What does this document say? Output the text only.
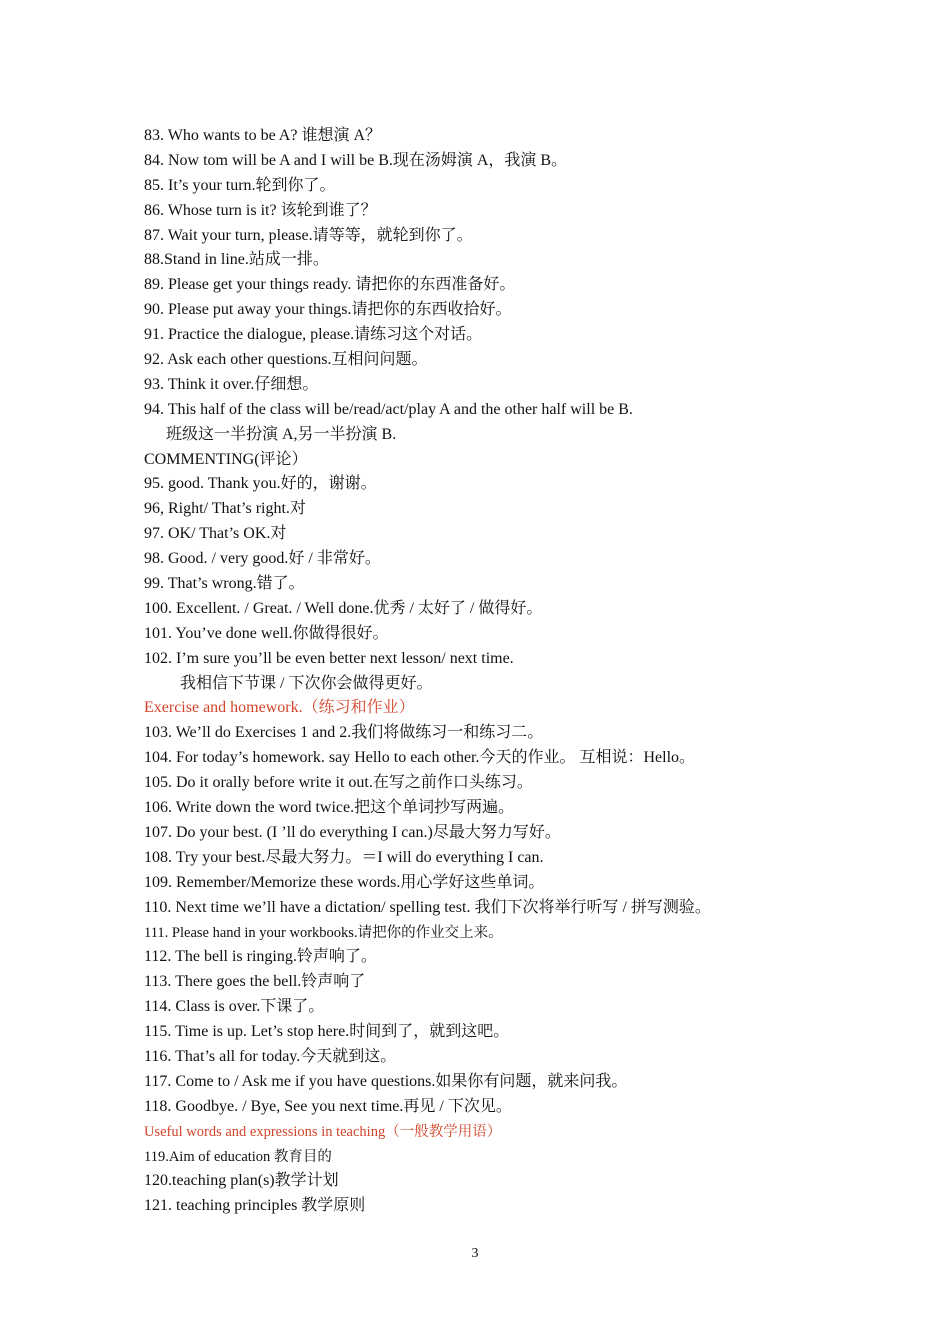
83. Who wants to be A? 谁想演 A？
84. Now tom will be A and I will be B.现在汤姆演 A，我演 B。
85. It’s your turn.轮到你了。
86. Whose turn is it? 该轮到谁了？
87. Wait your turn, please.请等等，就轮到你了。
88.Stand in line.站成一排。
89. Please get your things ready. 请把你的东西准备好。
90. Please put away your things.请把你的东西收拾好。
91. Practice the dialogue, please.请练习这个对话。
92. Ask each other questions.互相问问题。
93. Think it over.仔细想。
94. This half of the class will be/read/act/play A and the other half will be B.
班级这一半扮演 A,另一半扮演 B.
COMMENTING(评论）
95. good. Thank you.好的，谢谢。
96, Right/ That’s right.对
97. OK/ That’s OK.对
98. Good. / very good.好 / 非常好。
99. That’s wrong.错了。
100. Excellent. / Great. / Well done.优秀 / 太好了 / 做得好。
101. You’ve done well.你做得很好。
102. I’m sure you’ll be even better next lesson/ next time.
我相信下节课 / 下次你会做得更好。
Exercise and homework.（练习和作业）
103. We’ll do Exercises 1 and 2.我们将做练习一和练习二。
104. For today’s homework. say Hello to each other.今天的作业。 互相说：Hello。
105. Do it orally before write it out.在写之前作口头练习。
106. Write down the word twice.把这个单词抄写两遍。
107. Do your best. (I ’ll do everything I can.)尽最大努力写好。
108. Try your best.尽最大努力。＝I will do everything I can.
109. Remember/Memorize these words.用心学好这些单词。
110. Next time we’ll have a dictation/ spelling test. 我们下次将举行听写 / 拼写测验。
111. Please hand in your workbooks.请把你的作业交上来。
112. The bell is ringing.铃声响了。
113. There goes the bell.铃声响了
114. Class is over.下课了。
115. Time is up. Let’s stop here.时间到了，就到这吧。
116. That’s all for today.今天就到这。
117. Come to / Ask me if you have questions.如果你有问题，就来问我。
118. Goodbye. / Bye, See you next time.再见 / 下次见。
Useful words and expressions in teaching（一般教学用语）
119.Aim of education 教育目的
120.teaching plan(s)教学计划
121. teaching principles 教学原则
3
